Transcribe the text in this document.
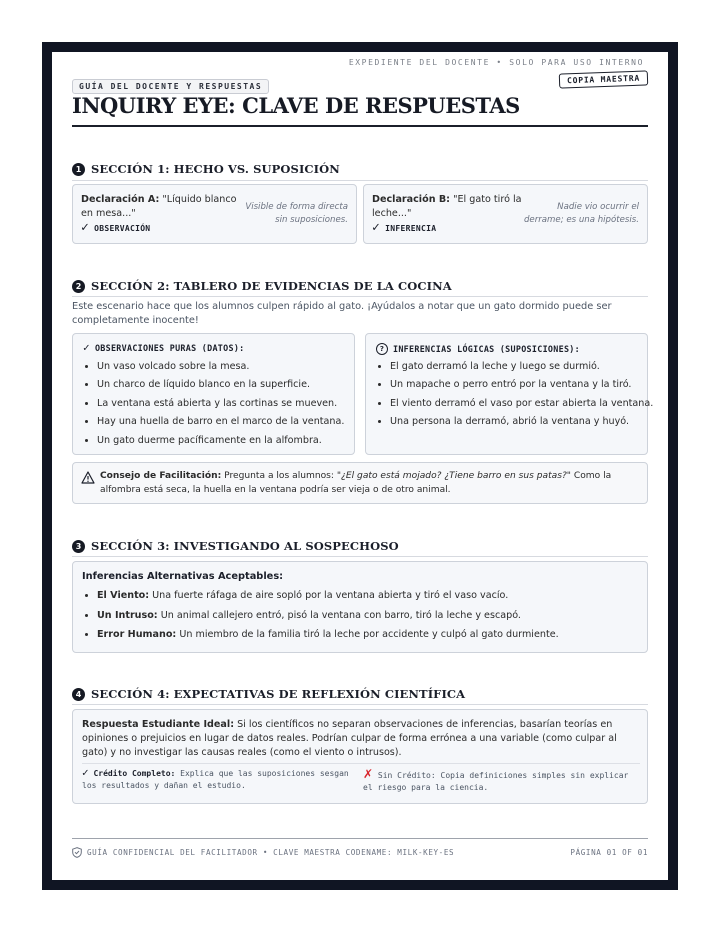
EXPEDIENTE DEL DOCENTE • SOLO PARA USO INTERNO
COPIA MAESTRA
GUÍA DEL DOCENTE Y RESPUESTAS
INQUIRY EYE: CLAVE DE RESPUESTAS
1 SECCIÓN 1: HECHO VS. SUPOSICIÓN
Declaración A: "Líquido blanco en mesa..."
✓ OBSERVACIÓN
Visible de forma directa sin suposiciones.
Declaración B: "El gato tiró la leche..."
✓ INFERENCIA
Nadie vio ocurrir el derrame; es una hipótesis.
2 SECCIÓN 2: TABLERO DE EVIDENCIAS DE LA COCINA
Este escenario hace que los alumnos culpen rápido al gato. ¡Ayúdalos a notar que un gato dormido puede ser completamente inocente!
✓ OBSERVACIONES PURAS (DATOS):
• Un vaso volcado sobre la mesa.
• Un charco de líquido blanco en la superficie.
• La ventana está abierta y las cortinas se mueven.
• Hay una huella de barro en el marco de la ventana.
• Un gato duerme pacíficamente en la alfombra.
?	INFERENCIAS LÓGICAS (SUPOSICIONES):
• El gato derramó la leche y luego se durmió.
• Un mapache o perro entró por la ventana y la tiró.
• El viento derramó el vaso por estar abierta la ventana.
• Una persona la derramó, abrió la ventana y huyó.
Consejo de Facilitación: Pregunta a los alumnos: "¿El gato está mojado? ¿Tiene barro en sus patas?" Como la alfombra está seca, la huella en la ventana podría ser vieja o de otro animal.
3 SECCIÓN 3: INVESTIGANDO AL SOSPECHOSO
Inferencias Alternativas Aceptables:
• El Viento: Una fuerte ráfaga de aire sopló por la ventana abierta y tiró el vaso vacío.
• Un Intruso: Un animal callejero entró, pisó la ventana con barro, tiró la leche y escapó.
• Error Humano: Un miembro de la familia tiró la leche por accidente y culpó al gato durmiente.
4 SECCIÓN 4: EXPECTATIVAS DE REFLEXIÓN CIENTÍFICA
Respuesta Estudiante Ideal: Si los científicos no separan observaciones de inferencias, basarían teorías en opiniones o prejuicios en lugar de datos reales. Podrían culpar de forma errónea a una variable (como culpar al gato) y no investigar las causas reales (como el viento o intrusos).
✓ Crédito Completo: Explica que las suposiciones sesgan los resultados y dañan el estudio.
✗ Sin Crédito: Copia definiciones simples sin explicar el riesgo para la ciencia.
GUÍA CONFIDENCIAL DEL FACILITADOR • CLAVE MAESTRA CODENAME: MILK-KEY-ES	PÁGINA 01 OF 01
